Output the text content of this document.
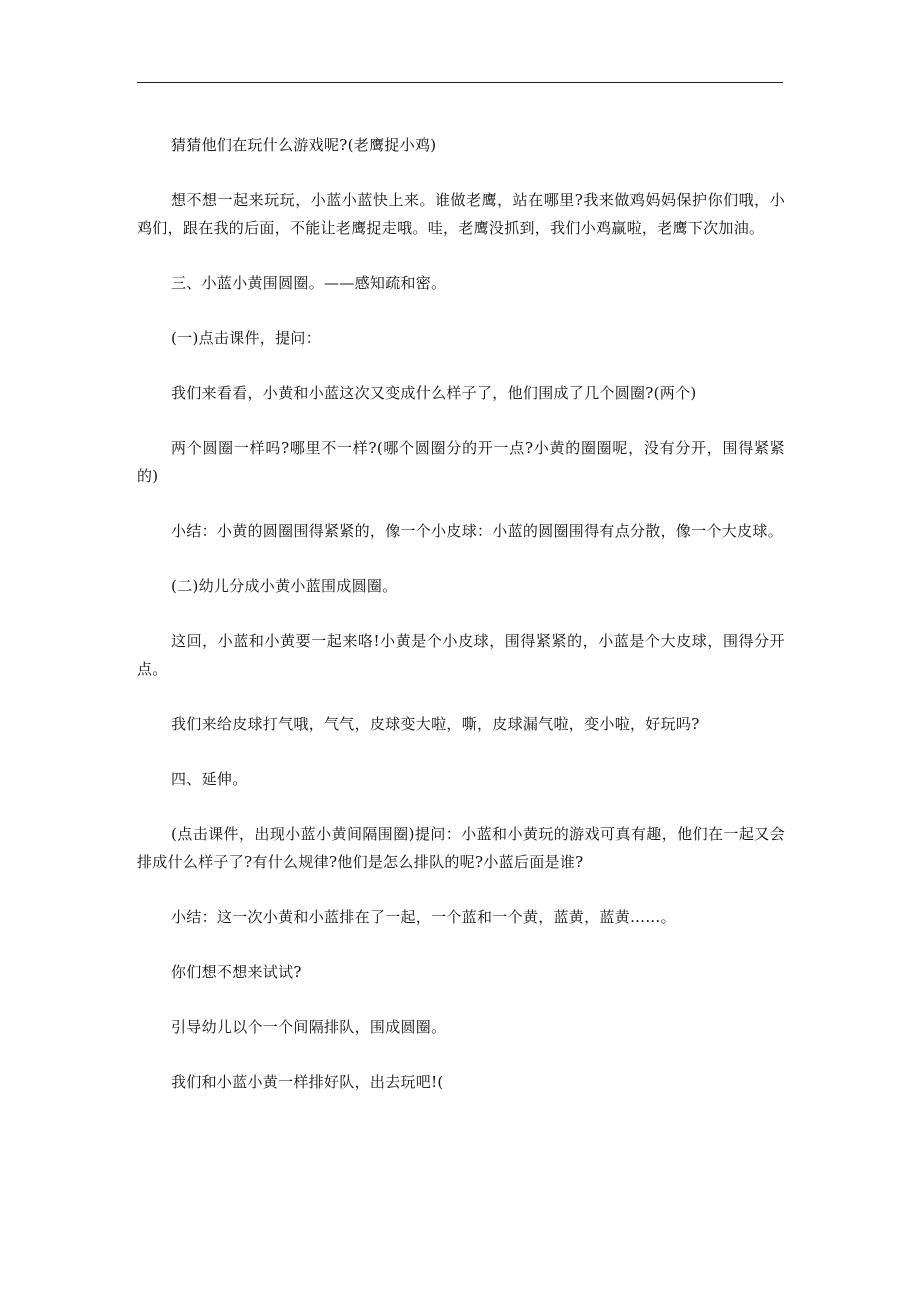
猜猜他们在玩什么游戏呢?(老鹰捉小鸡)

想不想一起来玩玩，小蓝小蓝快上来。谁做老鹰，站在哪里?我来做鸡妈妈保护你们哦，小鸡们，跟在我的后面，不能让老鹰捉走哦。哇，老鹰没抓到，我们小鸡赢啦，老鹰下次加油。

三、小蓝小黄围圆圈。——感知疏和密。

(一)点击课件，提问：

我们来看看，小黄和小蓝这次又变成什么样子了，他们围成了几个圆圈?(两个)

两个圆圈一样吗?哪里不一样?(哪个圆圈分的开一点?小黄的圈圈呢，没有分开，围得紧紧的)

小结：小黄的圆圈围得紧紧的，像一个小皮球：小蓝的圆圈围得有点分散，像一个大皮球。

(二)幼儿分成小黄小蓝围成圆圈。

这回，小蓝和小黄要一起来咯!小黄是个小皮球，围得紧紧的，小蓝是个大皮球，围得分开点。

我们来给皮球打气哦，气气，皮球变大啦，嘶，皮球漏气啦，变小啦，好玩吗?

四、延伸。

(点击课件，出现小蓝小黄间隔围圈)提问：小蓝和小黄玩的游戏可真有趣，他们在一起又会排成什么样子了?有什么规律?他们是怎么排队的呢?小蓝后面是谁?

小结：这一次小黄和小蓝排在了一起，一个蓝和一个黄，蓝黄，蓝黄……。

你们想不想来试试?

引导幼儿以个一个间隔排队，围成圆圈。

我们和小蓝小黄一样排好队，出去玩吧!(
